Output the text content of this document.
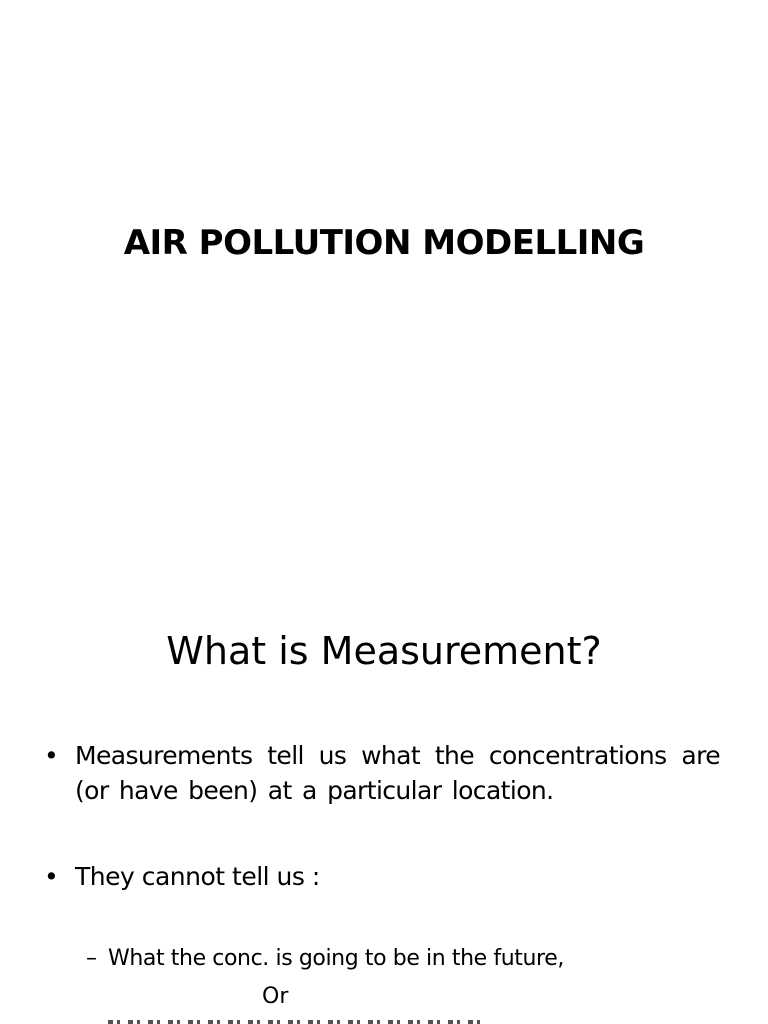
AIR POLLUTION MODELLING
What is Measurement?
• Measurements tell us what the concentrations are (or have been) at a particular location.
• They cannot tell us :
– What the conc. is going to be in the future,
Or
